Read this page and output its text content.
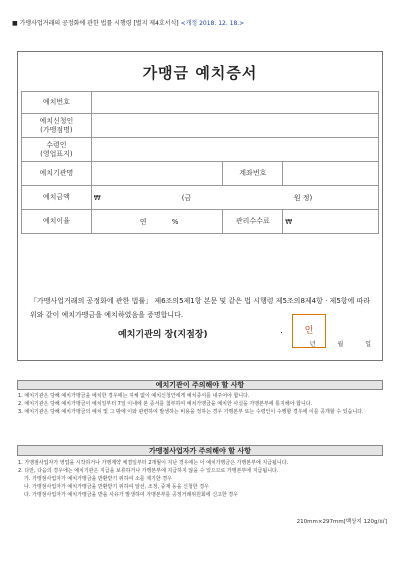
■ 가맹사업거래의 공정화에 관한 법률 시행령 [별지 제4호서식] <개정 2018. 12. 18.>
가맹금 예치증서
예치번호			

예치신청인
(가맹점명)			

수령인
(영업표지)			

예치기관명		계좌번호	
예치금액	₩ (금 원 정)		
예치이율	연 %	관리수수료	₩
「가맹사업거래의 공정화에 관한 법률」 제6조의5제1항 본문 및 같은 법 시행령 제5조의8제4항 · 제5항에 따라 위와 같이 예치가맹금을 예치하였음을 증명합니다.
년	월	일
예치기관의 장(지점장)	.	인
예치기관이 주의해야 할 사항

1. 예치기관은 당해 예치가맹금을 예치한 경우에는 지체 없이 예치신청인에게 예치증서를 내주어야 합니다.

2. 예치기관은 당해 예치가맹금이 예치일부터 7일 이내에 본 증서를 첨부하여 예치가맹금을 예치한 사실을 가맹본부에 통지해야 합니다.

3. 예치기관은 당해 예치가맹금의 예치 및 그 밖에 이와 관련하여 발생하는 비용을 정하는 경우 가맹본부 또는 수령인이 수행할 경우에 이를 공개할 수 있습니다.

가맹점사업자가 주의해야 할 사항

1. 가맹점사업자가 영업을 시작하거나 가맹계약 체결일부터 2개월이 지난 경우에는 이 예치가맹금은 가맹본부에 지급됩니다.

2. 다만, 다음의 경우에는 예치기관은 지급을 보류하거나 가맹본부에 지급하지 않을 수 있으므로 가맹본부에 지급됩니다.

가. 가맹점사업자가 예치가맹금을 반환받기 위하여 소를 제기한 경우

나. 가맹점사업자가 예치가맹금을 반환받기 위하여 알선, 조정, 중재 등을 신청한 경우

다. 가맹점사업자가 예치가맹금을 받을 사유가 발생하여 가맹본부를 공정거래위원회에 신고한 경우

210mm×297mm[백상지 120g/㎡]
